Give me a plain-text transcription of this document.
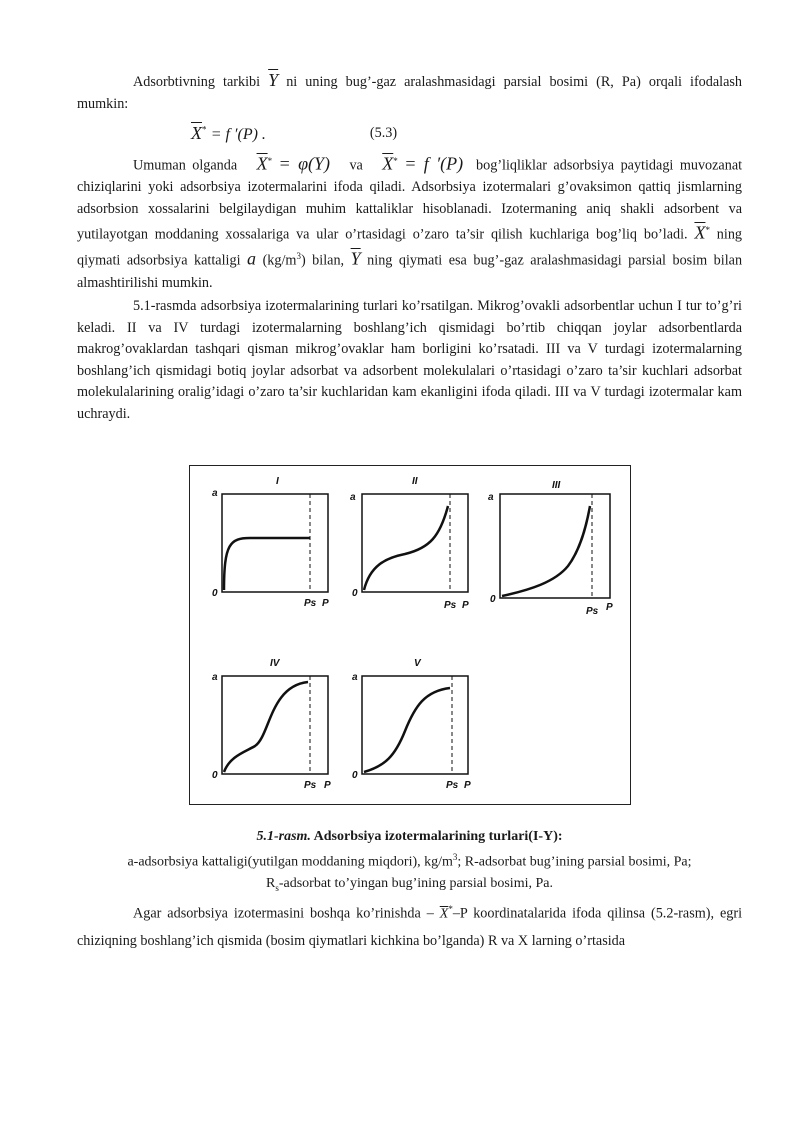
Adsorbtivning tarkibi $\overline{Y}$ ni uning bug’-gaz aralashmasidagi parsial bosimi (R, Pa) orqali ifodalash mumkin:

$\overline{X}^* = f$ ′(P) .	(5.3)

Umuman olganda $\overline{X}^* = \varphi(Y)$ va $\overline{X}^* = f$ ′(P) bog’liqliklar adsorbsiya paytidagi muvozanat chiziqlarini yoki adsorbsiya izotermalarini ifoda qiladi. Adsorbsiya izotermalari g’ovaksimon qattiq jismlarning adsorbsion xossalarini belgilaydigan muhim kattaliklar hisoblanadi. Izotermaning aniq shakli adsorbent va yutilayotgan moddaning xossalariga va ular o’rtasidagi o’zaro ta’sir qilish kuchlariga bog’liq bo’ladi. $\overline{X}^*$ ning qiymati adsorbsiya kattaligi a $(kg/m^3)$ bilan, $\overline{Y}$ ning qiymati esa bug’-gaz aralashmasidagi parsial bosim bilan almashtirilishi mumkin.

5.1-rasmda adsorbsiya izotermalarining turlari ko’rsatilgan. Mikrog’ovakli adsorbentlar uchun I tur to’g’ri keladi. II va IV turdagi izotermalarning boshlang’ich qismidagi bo’rtib chiqqan joylar adsorbentlarda makrog’ovaklardan tashqari qisman mikrog’ovaklar ham borligini ko’rsatadi. III va V turdagi izotermalarning boshlang’ich qismidagi botiq joylar adsorbat va adsorbent molekulalari o’rtasidagi o’zaro ta’sir kuchlari adsorbat molekulalarining oralig’idagi o’zaro ta’sir kuchlaridan kam ekanligini ifoda qiladi. III va V turdagi izotermalar kam uchraydi.

I
a
0
Ps P
II
a
0
Ps P
III
a
0
Ps P
IV
a
0
Ps P
V
a
0
Ps P
5.1-rasm. Adsorbsiya izotermalarining turlari(I-Y):
a-adsorbsiya kattaligi(yutilgan moddaning miqdori), $kg/m^3$; R-adsorbat bug’ining parsial bosimi, Pa;
$R_s$-adsorbat to’yingan bug’ining parsial bosimi, Pa.

Agar adsorbsiya izotermasini boshqa ko’rinishda – $\overline{X}^*-P$ koordinatalarida ifoda qilinsa (5.2-rasm), egri chiziqning boshlang’ich qismida (bosim qiymatlari kichkina bo’lganda) R va X larning o’rtasida
